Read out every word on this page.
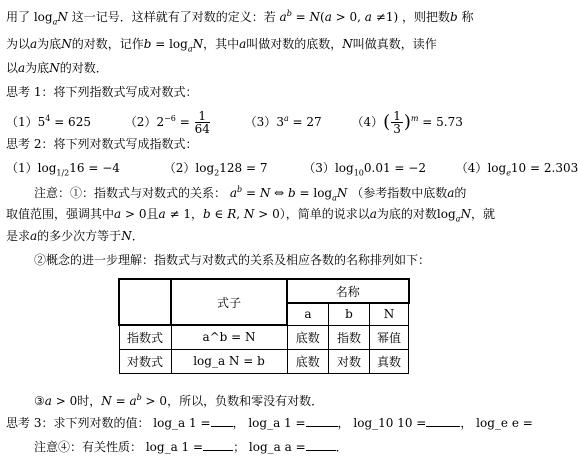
用了 $\log_aN$ 这一记号．这样就有了对数的定义：若 $a^b = N(a > 0$, a ≠1) ，则把数b 称
为以a为底N的对数，记作$b = \log_aN$，其中a叫做对数的底数，N叫做真数，读作
以a为底N的对数．
思考 1：将下列指数式写成对数式：
$(1)5^4 = 625$	$(2)2^{-6} = \frac{1}{64}$	$(3)3^a = 27$ $(4)( \frac{1}{3} )^m = 5.73$
思考 2：将下列对数式写成指数式：
$(1)\log_{1/2}16 = -4$	$(2)\log_2128 = 7$	$(3)\log_{10}0.01 = -2$ $(4)\log_e10 = 2.303$
注意：①：指数式与对数式的关系： $a^b = N$ ⇔ $b = \log_aN$ （参考指数中底数a的
取值范围，强调其中a > 0且a ≠ 1，b ∈ R, N > 0），简单的说求以a为底的对数$\log_aN$，就
是求a的多少次方等于N．
②概念的进一步理解：指数式与对数式的关系及相应各数的名称排列如下：
	式子	名称		
		a	b	N
指数式	a^b = N	底数	指数	幂值
对数式	log_a N = b	底数	对数	真数
③a > 0时，$N = a^b > 0$，所以，负数和零没有对数．
思考 3：求下列对数的值： log_a 1 = ， log_a 1 =	， log_10 10 =	， log_e e =
注意④：有关性质： log_a 1 =	； log_a a =	．
